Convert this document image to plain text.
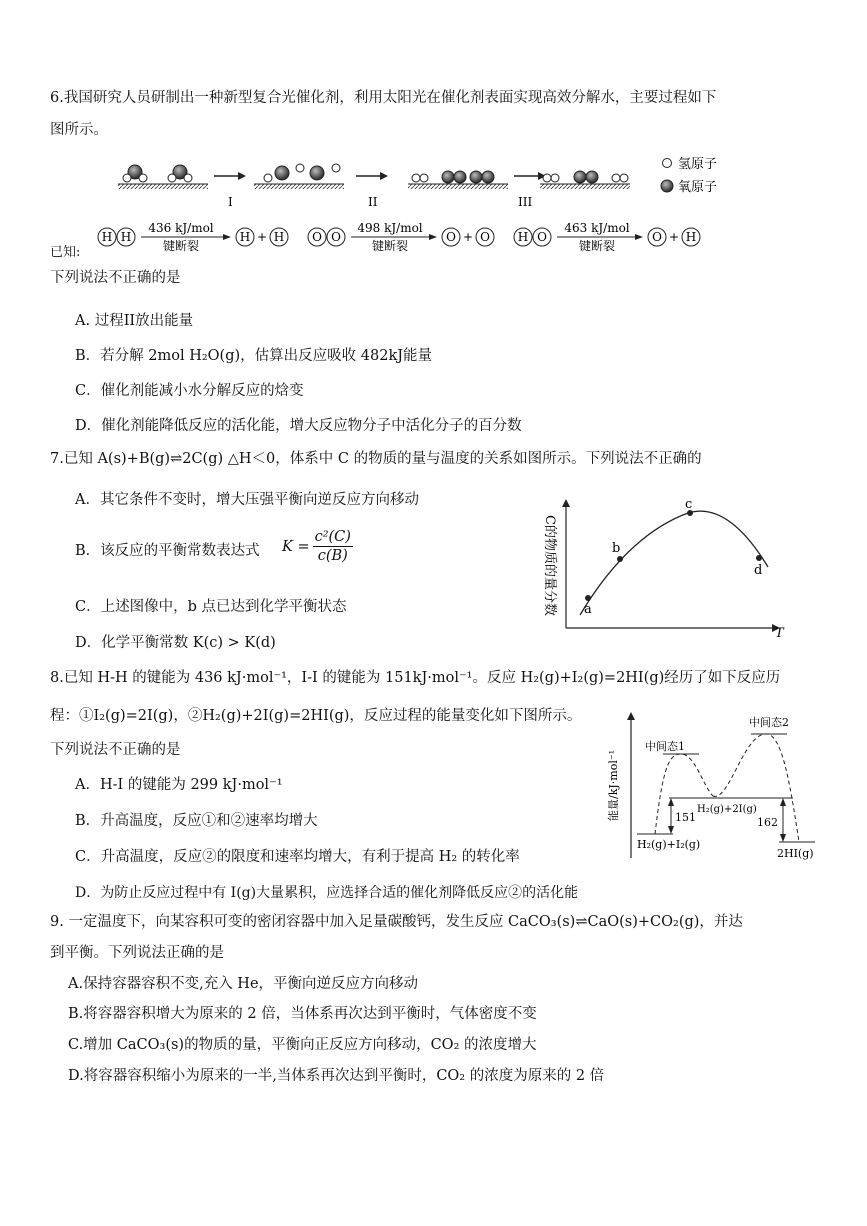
6.我国研究人员研制出一种新型复合光催化剂，利用太阳光在催化剂表面实现高效分解水，主要过程如下
图所示。
I	II	III
氢原子
氧原子
已知:
H H
436 kJ/mol
键断裂
H + H O O
498 kJ/mol
键断裂
O + O H O
463 kJ/mol
键断裂
O + H
下列说法不正确的是
A. 过程II放出能量
B．若分解 2mol H₂O(g)，估算出反应吸收 482kJ能量
C．催化剂能减小水分解反应的焓变
D．催化剂能降低反应的活化能，增大反应物分子中活化分子的百分数
7.已知 A(s)+B(g)⇌2C(g) △H＜0，体系中 C 的物质的量与温度的关系如图所示。下列说法不正确的
A．其它条件不变时，增大压强平衡向逆反应方向移动
B．该反应的平衡常数表达式 $K = \frac{\text{c²(C)}}{c(B)}$
C．上述图像中，b 点已达到化学平衡状态
D．化学平衡常数 K(c) > K(d)
C的物质的量分数
T
a
b
c
d
8.已知 H-H 的键能为 436 kJ·mol⁻¹，I-I 的键能为 151kJ·mol⁻¹。反应 H₂(g)+I₂(g)=2HI(g)经历了如下反应历
程：①I₂(g)=2I(g)，②H₂(g)+2I(g)=2HI(g)，反应过程的能量变化如下图所示。
下列说法不正确的是
A．H-I 的键能为 299 kJ·mol⁻¹
B．升高温度，反应①和②速率均增大
C．升高温度，反应②的限度和速率均增大，有利于提高 H₂ 的转化率
D．为防止反应过程中有 I(g)大量累积，应选择合适的催化剂降低反应②的活化能
能量/kJ·mol⁻¹
H₂(g)+I₂(g)
中间态1
H₂(g)+2I(g)
中间态2
2HI(g)
151	162
9. 一定温度下，向某容积可变的密闭容器中加入足量碳酸钙，发生反应 CaCO₃(s)⇌CaO(s)+CO₂(g)，并达
到平衡。下列说法正确的是
A.保持容器容积不变,充入 He，平衡向逆反应方向移动
B.将容器容积增大为原来的 2 倍，当体系再次达到平衡时，气体密度不变
C.增加 CaCO₃(s)的物质的量，平衡向正反应方向移动，CO₂ 的浓度增大
D.将容器容积缩小为原来的一半,当体系再次达到平衡时，CO₂ 的浓度为原来的 2 倍
